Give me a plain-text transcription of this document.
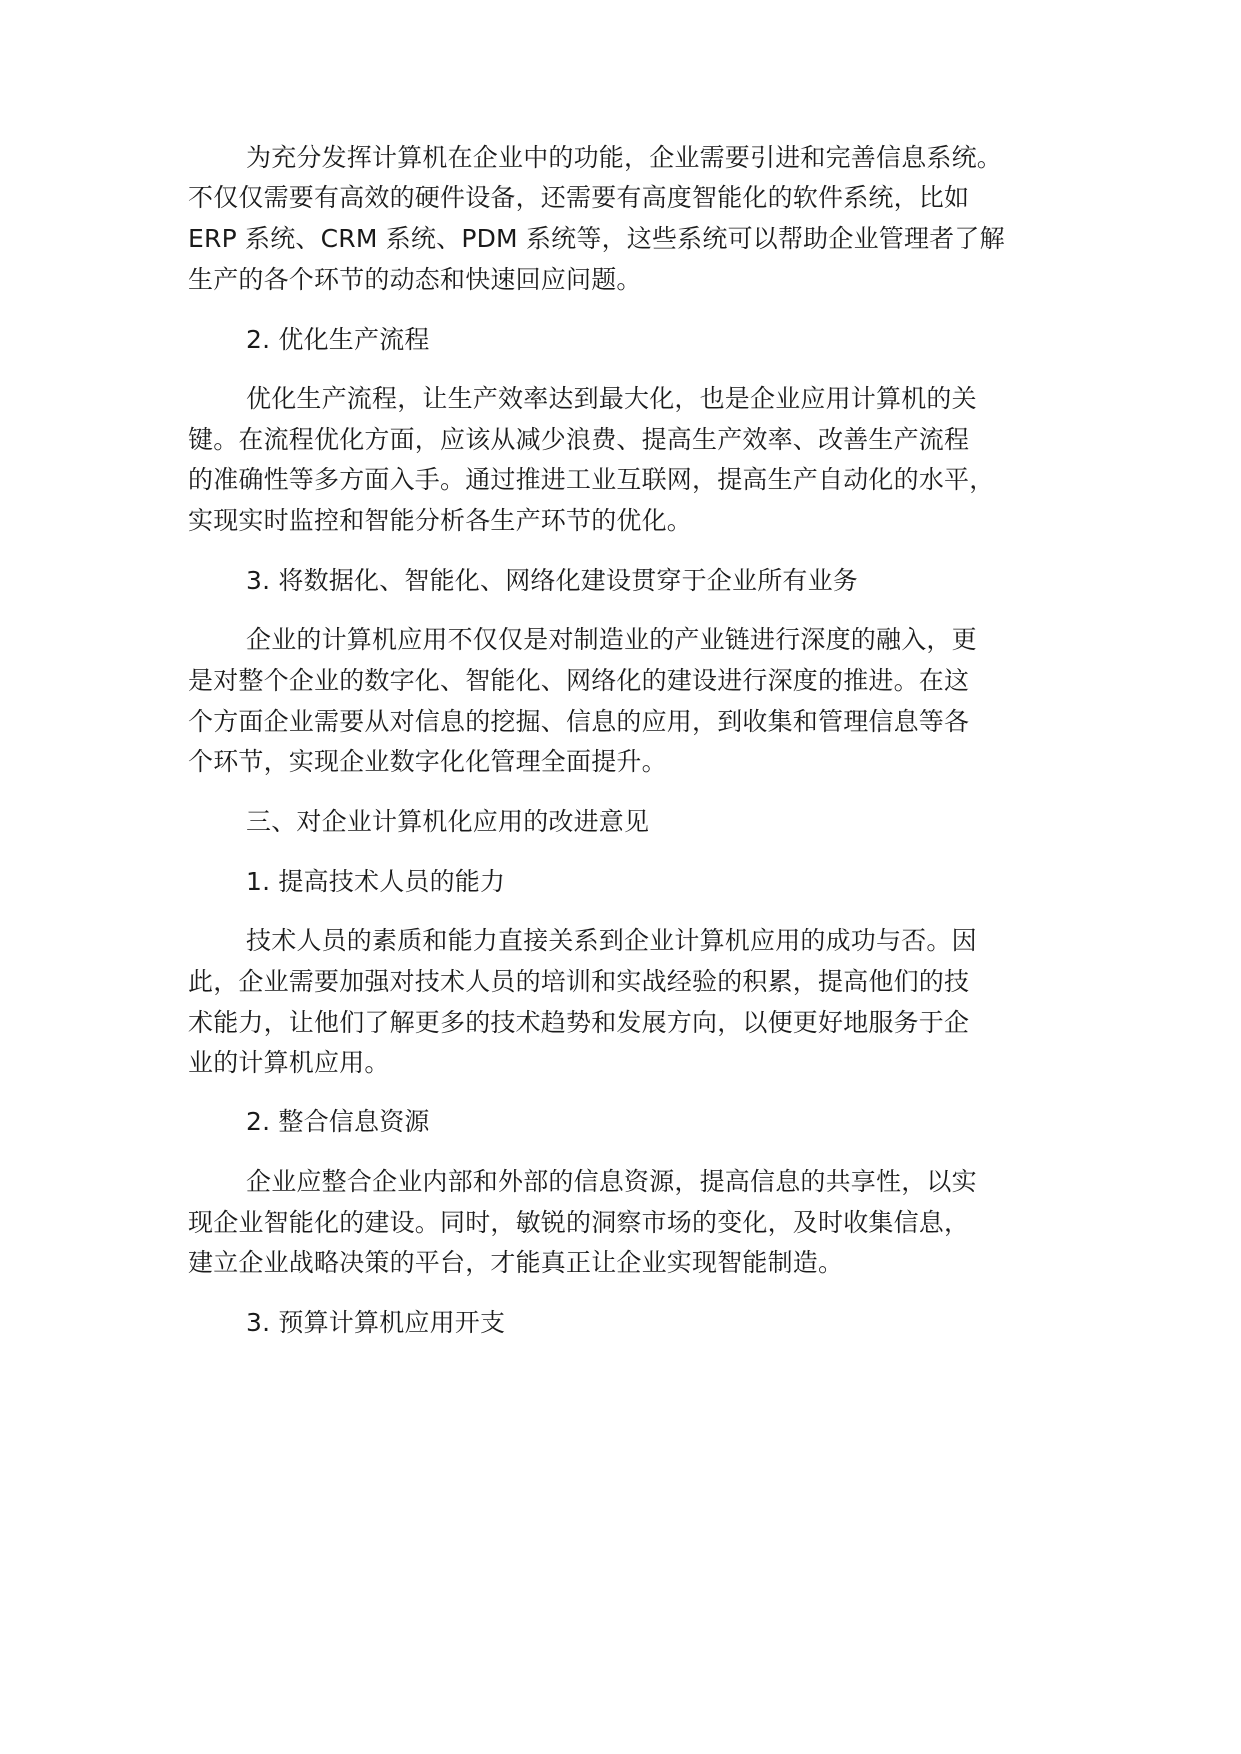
为充分发挥计算机在企业中的功能，企业需要引进和完善信息系统。
不仅仅需要有高效的硬件设备，还需要有高度智能化的软件系统，比如
ERP 系统、CRM 系统、PDM 系统等，这些系统可以帮助企业管理者了解
生产的各个环节的动态和快速回应问题。
2. 优化生产流程
优化生产流程，让生产效率达到最大化，也是企业应用计算机的关
键。在流程优化方面，应该从减少浪费、提高生产效率、改善生产流程
的准确性等多方面入手。通过推进工业互联网，提高生产自动化的水平，
实现实时监控和智能分析各生产环节的优化。
3. 将数据化、智能化、网络化建设贯穿于企业所有业务
企业的计算机应用不仅仅是对制造业的产业链进行深度的融入，更
是对整个企业的数字化、智能化、网络化的建设进行深度的推进。在这
个方面企业需要从对信息的挖掘、信息的应用，到收集和管理信息等各
个环节，实现企业数字化化管理全面提升。
三、对企业计算机化应用的改进意见
1. 提高技术人员的能力
技术人员的素质和能力直接关系到企业计算机应用的成功与否。因
此，企业需要加强对技术人员的培训和实战经验的积累，提高他们的技
术能力，让他们了解更多的技术趋势和发展方向，以便更好地服务于企
业的计算机应用。
2. 整合信息资源
企业应整合企业内部和外部的信息资源，提高信息的共享性，以实
现企业智能化的建设。同时，敏锐的洞察市场的变化，及时收集信息，
建立企业战略决策的平台，才能真正让企业实现智能制造。
3. 预算计算机应用开支
